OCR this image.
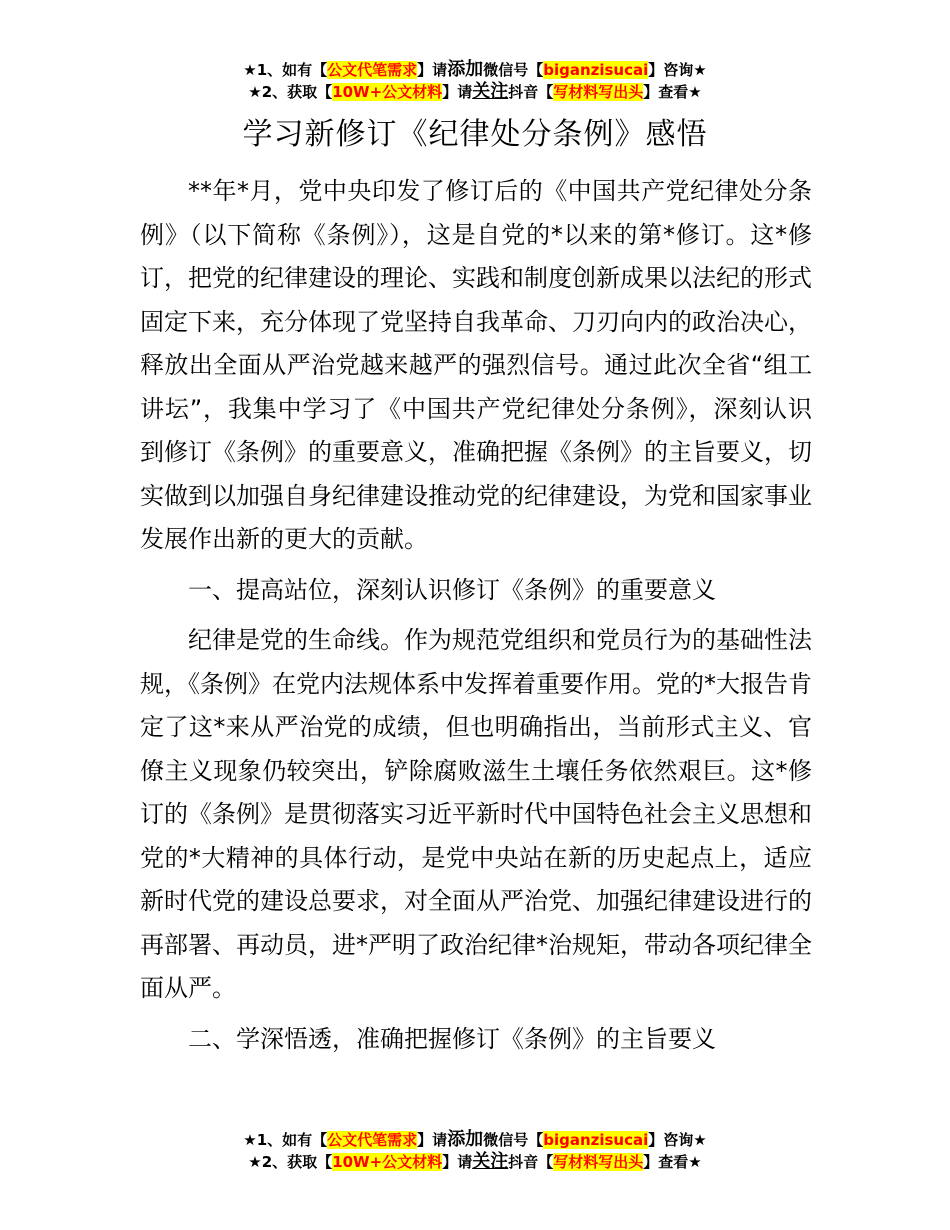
★1、如有【公文代笔需求】请添加微信号【biganzisucai】咨询★
★2、获取【10W+公文材料】请关注抖音【写材料写出头】查看★
学习新修订《纪律处分条例》感悟

**年*月，党中央印发了修订后的《中国共产党纪律处分条例》（以下简称《条例》），这是自党的*以来的第*修订。这*修订，把党的纪律建设的理论、实践和制度创新成果以法纪的形式固定下来，充分体现了党坚持自我革命、刀刃向内的政治决心，释放出全面从严治党越来越严的强烈信号。通过此次全省“组工讲坛”，我集中学习了《中国共产党纪律处分条例》，深刻认识到修订《条例》的重要意义，准确把握《条例》的主旨要义，切实做到以加强自身纪律建设推动党的纪律建设，为党和国家事业发展作出新的更大的贡献。

一、提高站位，深刻认识修订《条例》的重要意义

纪律是党的生命线。作为规范党组织和党员行为的基础性法规，《条例》在党内法规体系中发挥着重要作用。党的*大报告肯定了这*来从严治党的成绩，但也明确指出，当前形式主义、官僚主义现象仍较突出，铲除腐败滋生土壤任务依然艰巨。这*修订的《条例》是贯彻落实习近平新时代中国特色社会主义思想和党的*大精神的具体行动，是党中央站在新的历史起点上，适应新时代党的建设总要求，对全面从严治党、加强纪律建设进行的再部署、再动员，进*严明了政治纪律*治规矩，带动各项纪律全面从严。

二、学深悟透，准确把握修订《条例》的主旨要义

★1、如有【公文代笔需求】请添加微信号【biganzisucai】咨询★
★2、获取【10W+公文材料】请关注抖音【写材料写出头】查看★
